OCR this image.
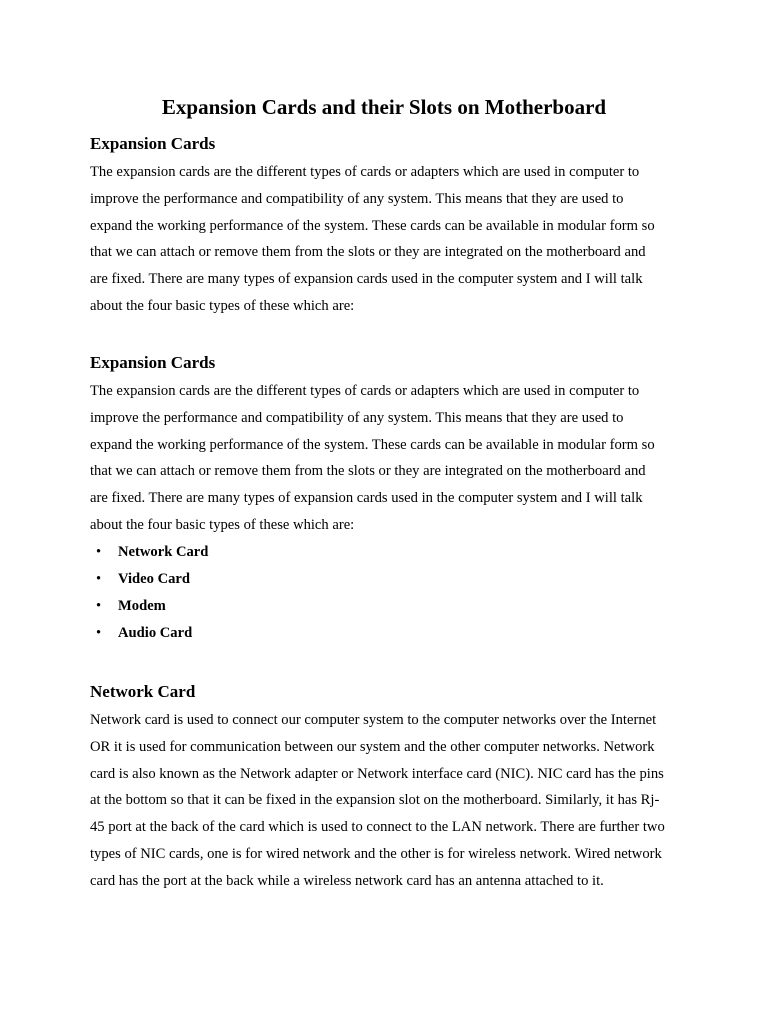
Expansion Cards and their Slots on Motherboard
Expansion Cards

The expansion cards are the different types of cards or adapters which are used in computer to
improve the performance and compatibility of any system. This means that they are used to
expand the working performance of the system. These cards can be available in modular form so
that we can attach or remove them from the slots or they are integrated on the motherboard and
are fixed. There are many types of expansion cards used in the computer system and I will talk
about the four basic types of these which are:

Expansion Cards

The expansion cards are the different types of cards or adapters which are used in computer to
improve the performance and compatibility of any system. This means that they are used to
expand the working performance of the system. These cards can be available in modular form so
that we can attach or remove them from the slots or they are integrated on the motherboard and
are fixed. There are many types of expansion cards used in the computer system and I will talk
about the four basic types of these which are:

• Network Card
• Video Card
• Modem
• Audio Card
Network Card

Network card is used to connect our computer system to the computer networks over the Internet
OR it is used for communication between our system and the other computer networks. Network
card is also known as the Network adapter or Network interface card (NIC). NIC card has the pins
at the bottom so that it can be fixed in the expansion slot on the motherboard. Similarly, it has Rj-
45 port at the back of the card which is used to connect to the LAN network. There are further two
types of NIC cards, one is for wired network and the other is for wireless network. Wired network
card has the port at the back while a wireless network card has an antenna attached to it.
